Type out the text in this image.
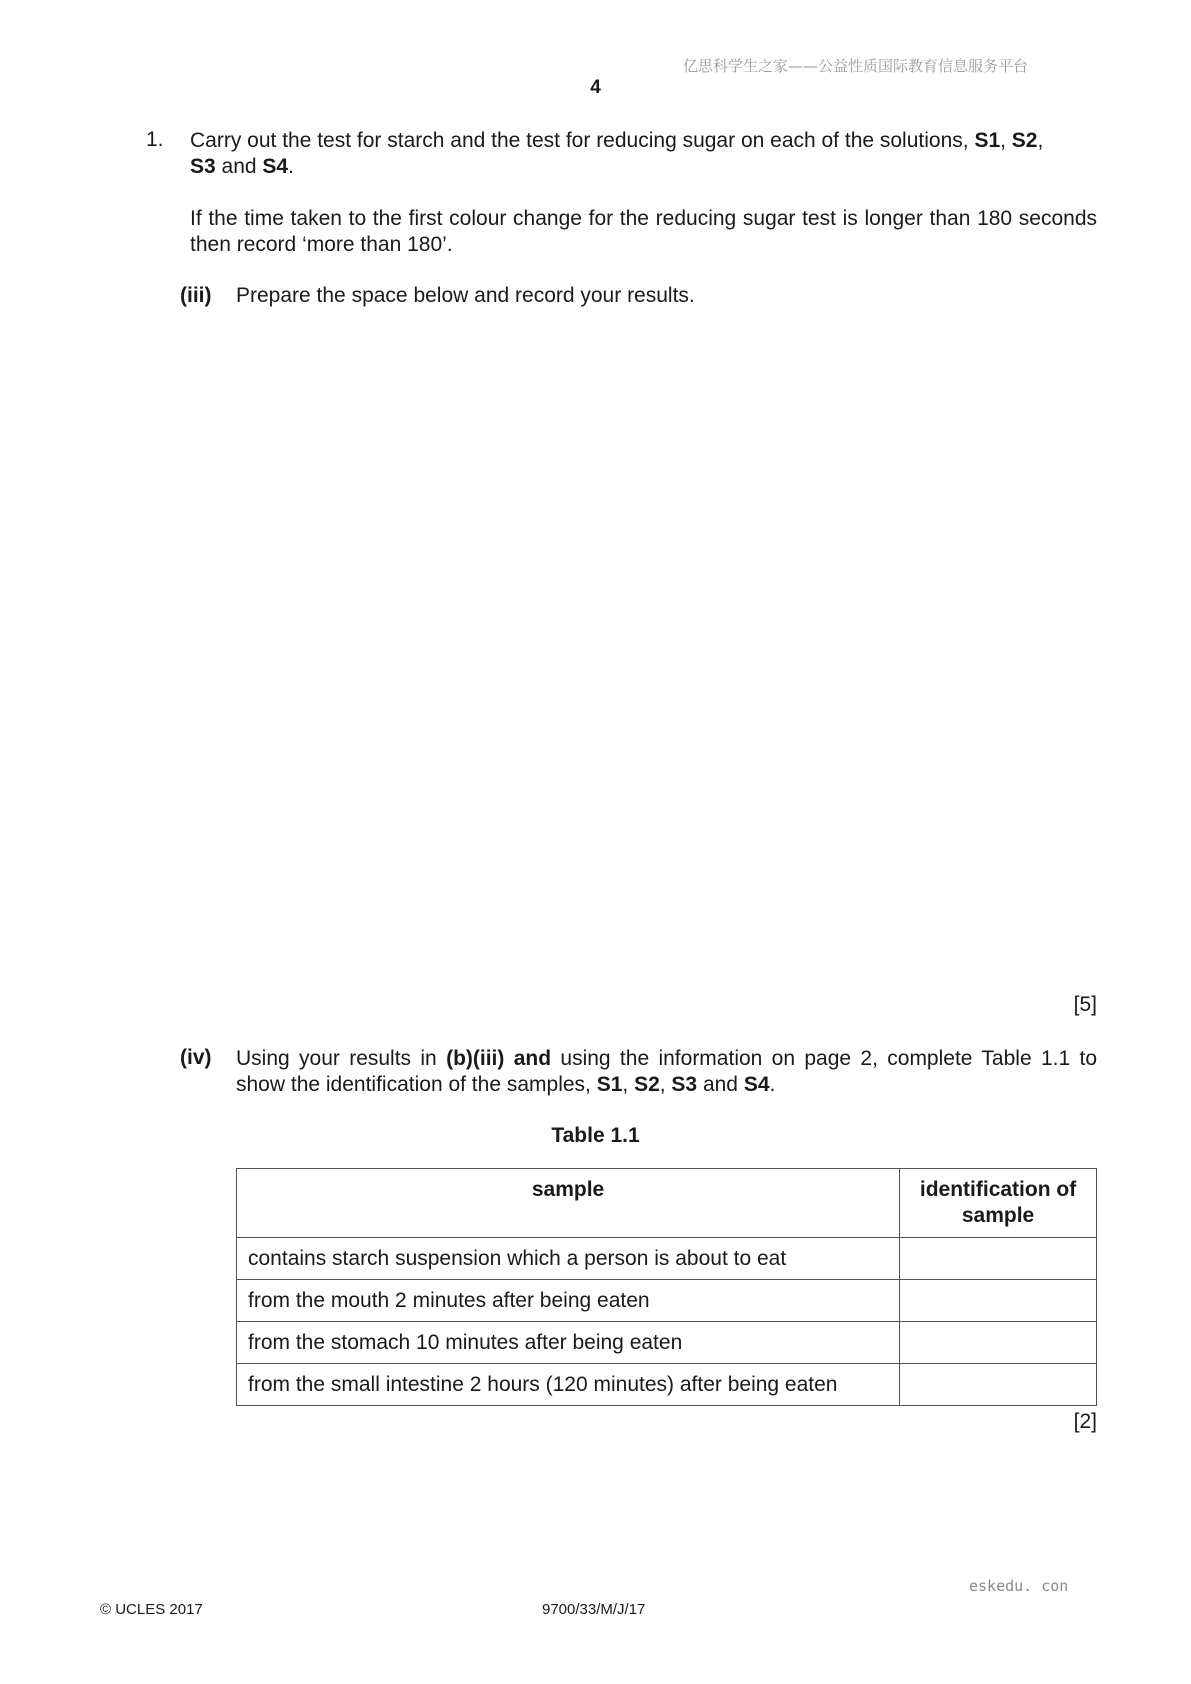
亿思科学生之家——公益性质国际教育信息服务平台
4
1. Carry out the test for starch and the test for reducing sugar on each of the solutions, S1, S2,
S3 and S4.
If the time taken to the first colour change for the reducing sugar test is longer than 180 seconds then record ‘more than 180’.
(iii) Prepare the space below and record your results.
[5]
(iv) Using your results in (b)(iii) and using the information on page 2, complete Table 1.1 to show the identification of the samples, S1, S2, S3 and S4.
Table 1.1
sample	identification of sample
contains starch suspension which a person is about to eat	
from the mouth 2 minutes after being eaten	
from the stomach 10 minutes after being eaten	
from the small intestine 2 hours (120 minutes) after being eaten	
[2]
eskedu. con
© UCLES 2017	9700/33/M/J/17
